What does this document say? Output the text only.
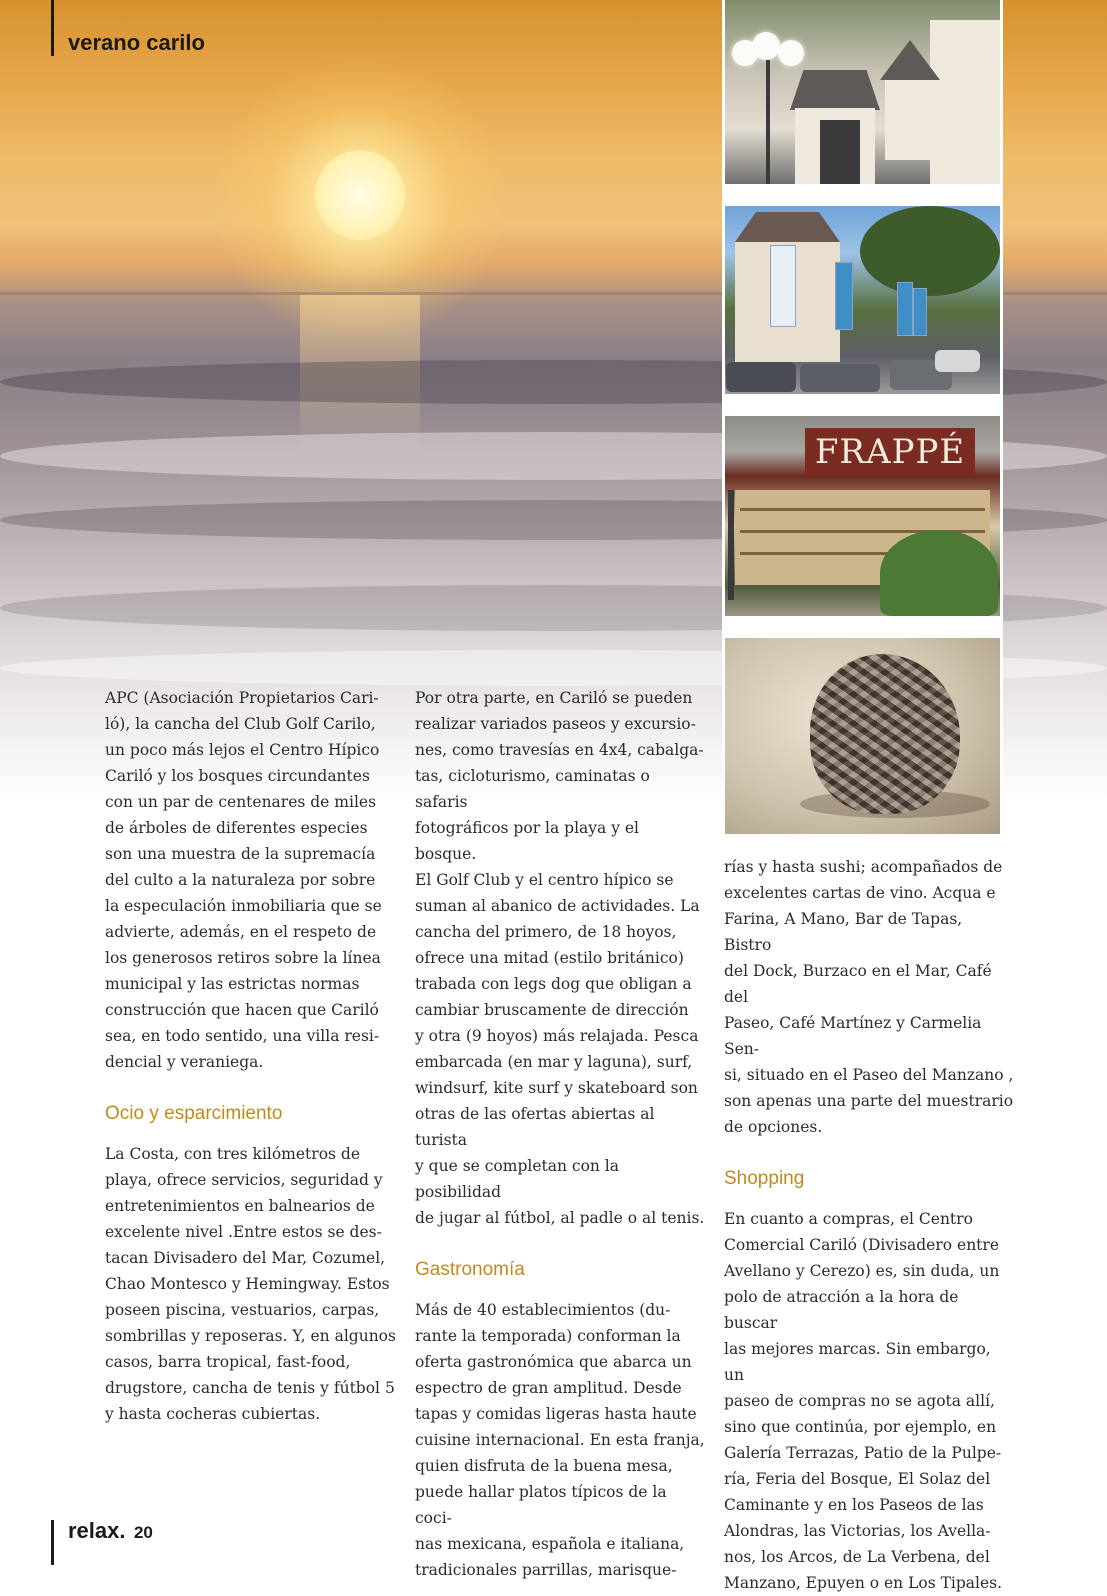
verano carilo
FRAPPÉ

APC (Asociación Propietarios Cari-
ló), la cancha del Club Golf Carilo,
un poco más lejos el Centro Hípico
Cariló y los bosques circundantes
con un par de centenares de miles
de árboles de diferentes especies
son una muestra de la supremacía
del culto a la naturaleza por sobre
la especulación inmobiliaria que se
advierte, además, en el respeto de
los generosos retiros sobre la línea
municipal y las estrictas normas
construcción que hacen que Cariló
sea, en todo sentido, una villa resi-
dencial y veraniega.

Ocio y esparcimiento

La Costa, con tres kilómetros de
playa, ofrece servicios, seguridad y
entretenimientos en balnearios de
excelente nivel .Entre estos se des-
tacan Divisadero del Mar, Cozumel,
Chao Montesco y Hemingway. Estos
poseen piscina, vestuarios, carpas,
sombrillas y reposeras. Y, en algunos
casos, barra tropical, fast-food,
drugstore, cancha de tenis y fútbol 5
y hasta cocheras cubiertas.

Por otra parte, en Cariló se pueden
realizar variados paseos y excursio-
nes, como travesías en 4x4, cabalga-
tas, cicloturismo, caminatas o safaris
fotográficos por la playa y el bosque.
El Golf Club y el centro hípico se
suman al abanico de actividades. La
cancha del primero, de 18 hoyos,
ofrece una mitad (estilo británico)
trabada con legs dog que obligan a
cambiar bruscamente de dirección
y otra (9 hoyos) más relajada. Pesca
embarcada (en mar y laguna), surf,
windsurf, kite surf y skateboard son
otras de las ofertas abiertas al turista
y que se completan con la posibilidad
de jugar al fútbol, al padle o al tenis.

Gastronomía

Más de 40 establecimientos (du-
rante la temporada) conforman la
oferta gastronómica que abarca un
espectro de gran amplitud. Desde
tapas y comidas ligeras hasta haute
cuisine internacional. En esta franja,
quien disfruta de la buena mesa,
puede hallar platos típicos de la coci-
nas mexicana, española e italiana,
tradicionales parrillas, marisque-

rías y hasta sushi; acompañados de
excelentes cartas de vino. Acqua e
Farina, A Mano, Bar de Tapas, Bistro
del Dock, Burzaco en el Mar, Café del
Paseo, Café Martínez y Carmelia Sen-
si, situado en el Paseo del Manzano ,
son apenas una parte del muestrario
de opciones.

Shopping

En cuanto a compras, el Centro
Comercial Cariló (Divisadero entre
Avellano y Cerezo) es, sin duda, un
polo de atracción a la hora de buscar
las mejores marcas. Sin embargo, un
paseo de compras no se agota allí,
sino que continúa, por ejemplo, en
Galería Terrazas, Patio de la Pulpe-
ría, Feria del Bosque, El Solaz del
Caminante y en los Paseos de las
Alondras, las Victorias, los Avella-
nos, los Arcos, de La Verbena, del
Manzano, Epuyen o en Los Tipales.

relax. 20
